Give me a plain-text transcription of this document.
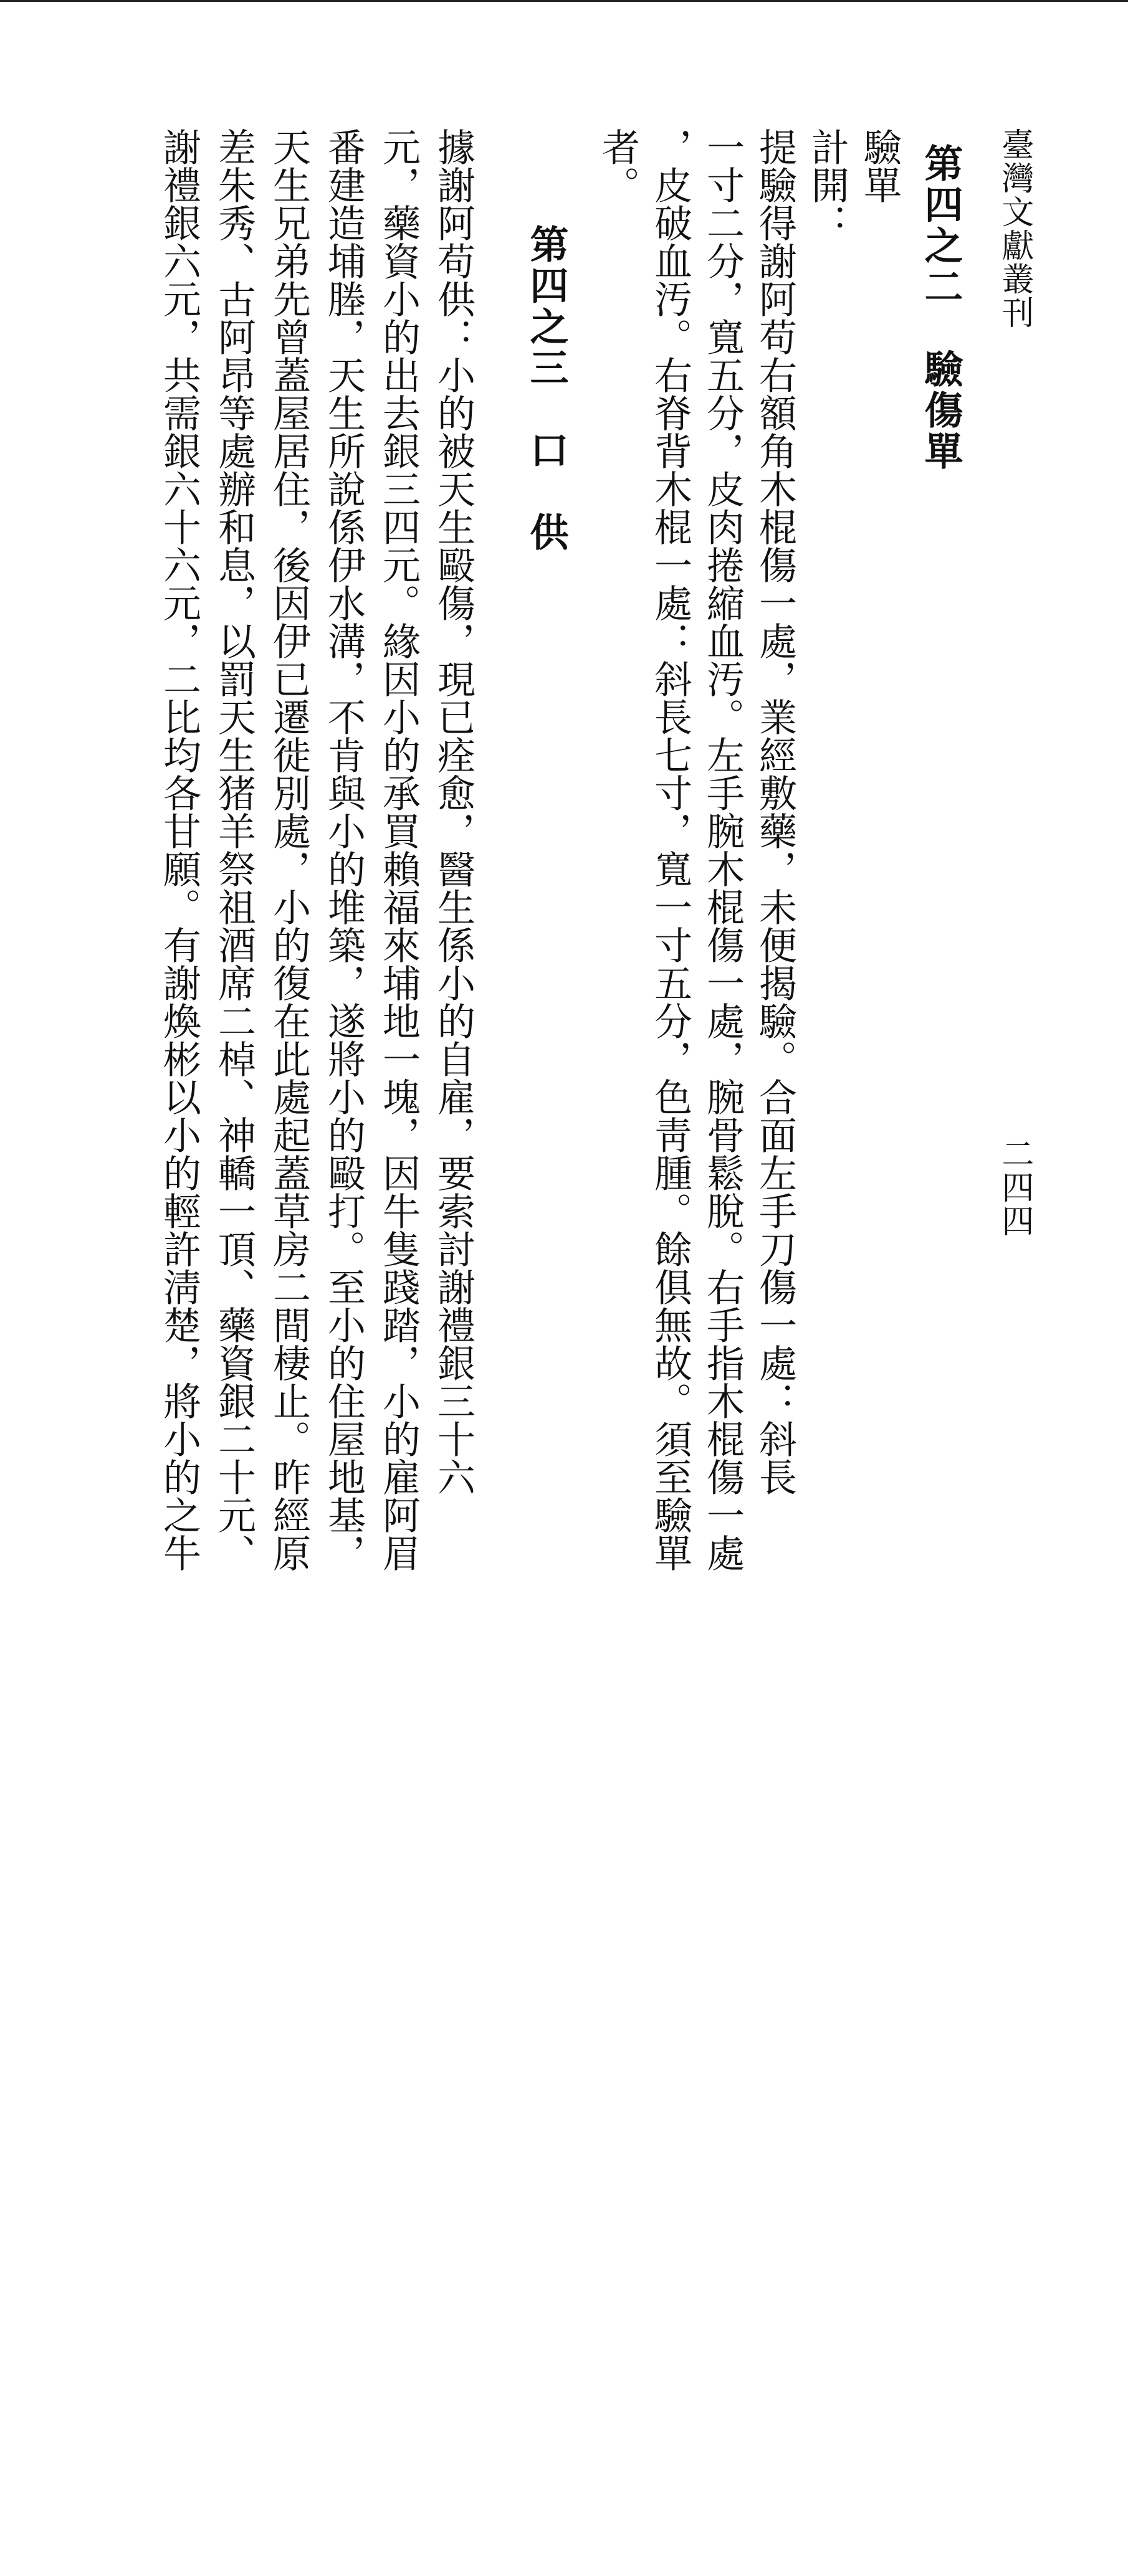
臺灣文獻叢刊
二四四
第四之二　驗傷單
驗單
計開：
提驗得謝阿苟右額角木棍傷一處，業經敷藥，未便揭驗。合面左手刀傷一處：斜長
一寸二分，寬五分，皮肉捲縮血汚。左手腕木棍傷一處，腕骨鬆脫。右手指木棍傷一處
，皮破血汚。右脊背木棍一處：斜長七寸，寬一寸五分，色靑腫。餘俱無故。須至驗單
者。
第四之三　口　供
據謝阿苟供：小的被天生毆傷，現已痊愈，醫生係小的自雇，要索討謝禮銀三十六
元，藥資小的出去銀三四元。緣因小的承買賴福來埔地一塊，因牛隻踐踏，小的雇阿眉
番建造埔塍，天生所說係伊水溝，不肯與小的堆築，遂將小的毆打。至小的住屋地基，
天生兄弟先曾蓋屋居住，後因伊已遷徙別處，小的復在此處起蓋草房二間棲止。昨經原
差朱秀、古阿昂等處辦和息，以罰天生猪羊祭祖酒席二棹、神轎一頂、藥資銀二十元、
謝禮銀六元，共需銀六十六元，二比均各甘願。有謝煥彬以小的輕許淸楚，將小的之牛
